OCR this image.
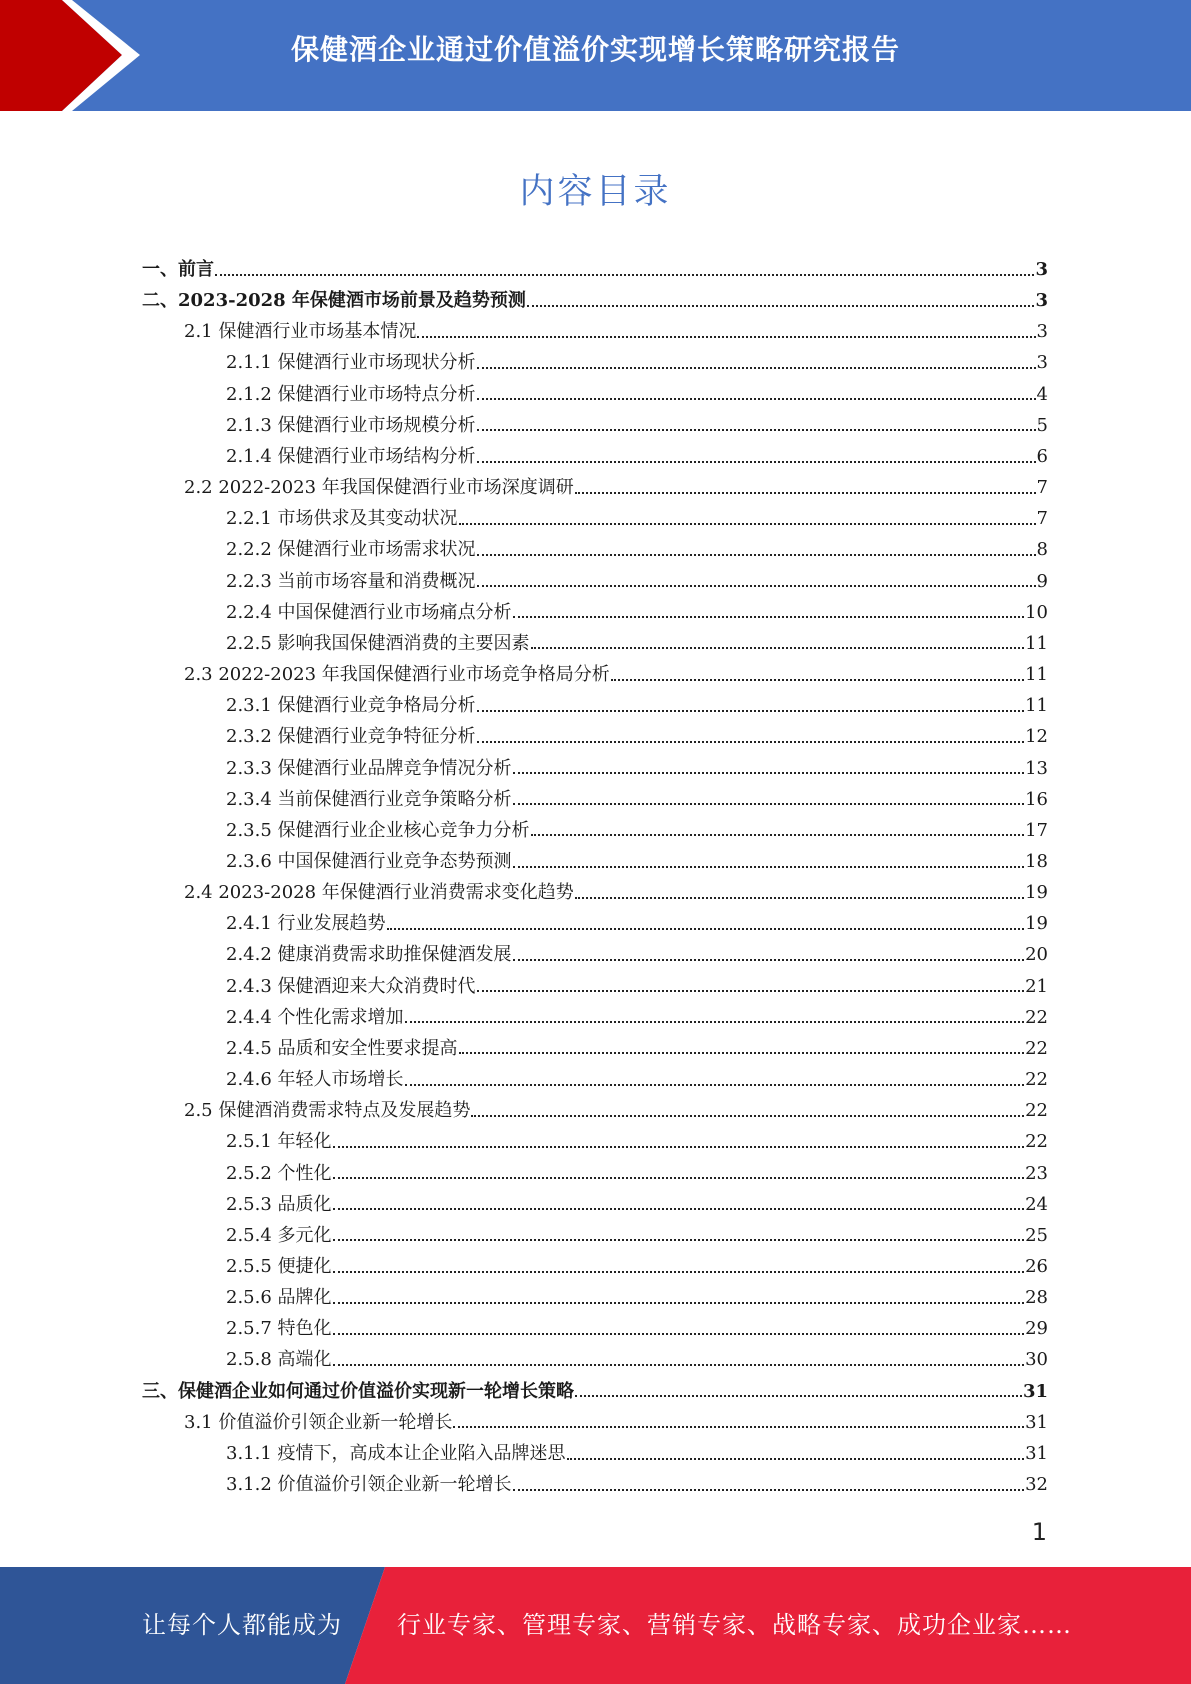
保健酒企业通过价值溢价实现增长策略研究报告
内容目录
一、前言	3
二、2023-2028 年保健酒市场前景及趋势预测	3
2.1 保健酒行业市场基本情况	3
2.1.1 保健酒行业市场现状分析	3
2.1.2 保健酒行业市场特点分析	4
2.1.3 保健酒行业市场规模分析	5
2.1.4 保健酒行业市场结构分析	6
2.2 2022-2023 年我国保健酒行业市场深度调研	7
2.2.1 市场供求及其变动状况	7
2.2.2 保健酒行业市场需求状况	8
2.2.3 当前市场容量和消费概况	9
2.2.4 中国保健酒行业市场痛点分析	10
2.2.5 影响我国保健酒消费的主要因素	11
2.3 2022-2023 年我国保健酒行业市场竞争格局分析	11
2.3.1 保健酒行业竞争格局分析	11
2.3.2 保健酒行业竞争特征分析	12
2.3.3 保健酒行业品牌竞争情况分析	13
2.3.4 当前保健酒行业竞争策略分析	16
2.3.5 保健酒行业企业核心竞争力分析	17
2.3.6 中国保健酒行业竞争态势预测	18
2.4 2023-2028 年保健酒行业消费需求变化趋势	19
2.4.1 行业发展趋势	19
2.4.2 健康消费需求助推保健酒发展	20
2.4.3 保健酒迎来大众消费时代	21
2.4.4 个性化需求增加	22
2.4.5 品质和安全性要求提高	22
2.4.6 年轻人市场增长	22
2.5 保健酒消费需求特点及发展趋势	22
2.5.1 年轻化	22
2.5.2 个性化	23
2.5.3 品质化	24
2.5.4 多元化	25
2.5.5 便捷化	26
2.5.6 品牌化	28
2.5.7 特色化	29
2.5.8 高端化	30
三、保健酒企业如何通过价值溢价实现新一轮增长策略	31
3.1 价值溢价引领企业新一轮增长	31
3.1.1 疫情下，高成本让企业陷入品牌迷思	31
3.1.2 价值溢价引领企业新一轮增长	32
1
让每个人都能成为 行业专家、管理专家、营销专家、战略专家、成功企业家……
